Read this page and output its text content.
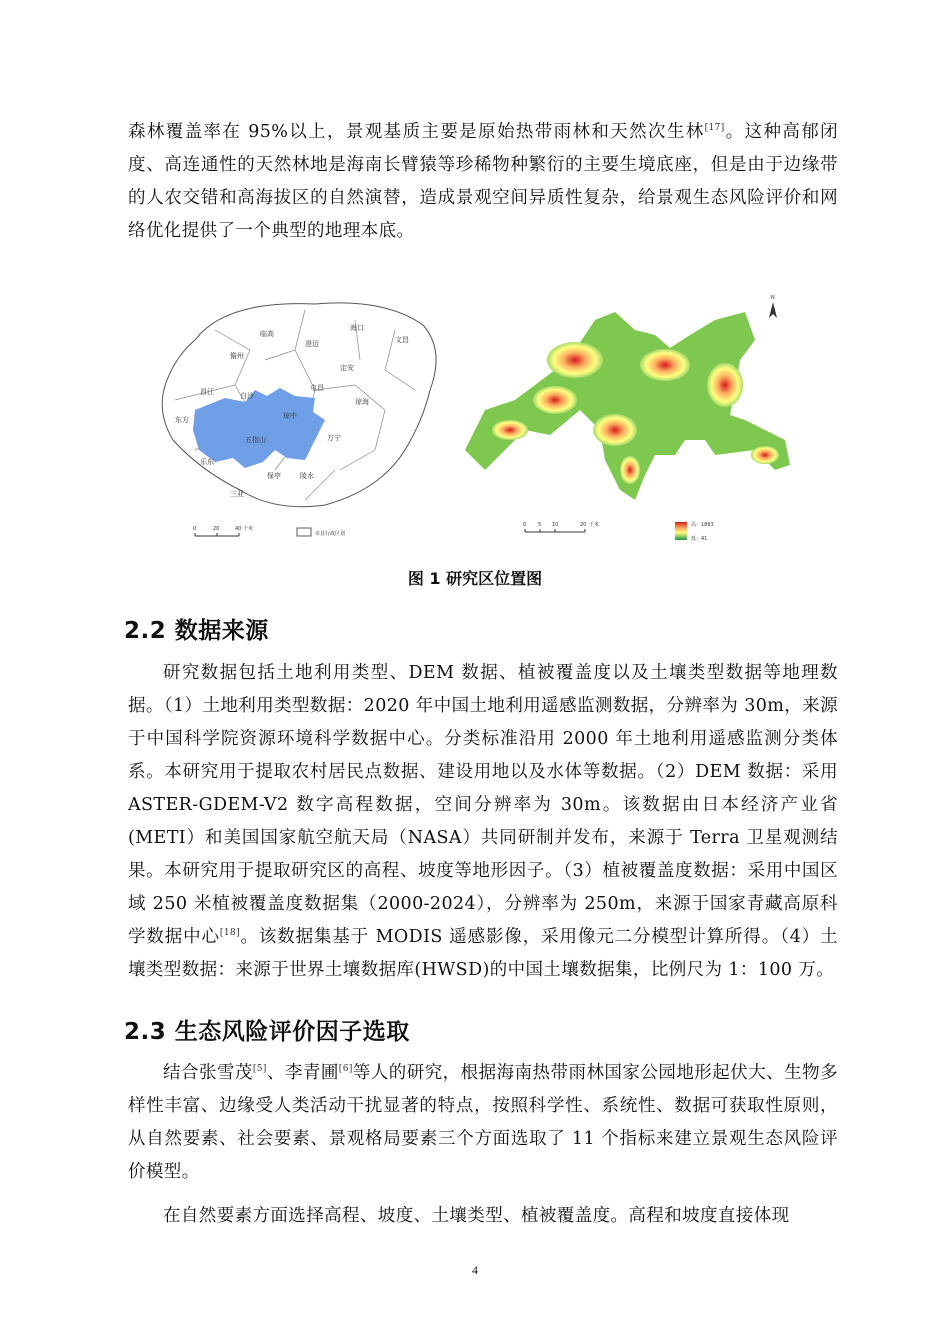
森林覆盖率在 95%以上，景观基质主要是原始热带雨林和天然次生林[17]。这种高郁闭度、高连通性的天然林地是海南长臂猿等珍稀物种繁衍的主要生境底座，但是由于边缘带的人农交错和高海拔区的自然演替，造成景观空间异质性复杂，给景观生态风险评价和网络优化提供了一个典型的地理本底。

临高
澄迈
海口
文昌
儋州
定安
屯昌
琼海
昌江	白沙
琼中
东方
五指山	万宁
乐东
保亭	陵水
三亚
0	20	40 千米
市县行政区划
N
0 5 10	20 千米	高：1863
低：41
图 1 研究区位置图
2.2 数据来源

研究数据包括土地利用类型、DEM 数据、植被覆盖度以及土壤类型数据等地理数据。（1）土地利用类型数据：2020 年中国土地利用遥感监测数据，分辨率为 30m，来源于中国科学院资源环境科学数据中心。分类标准沿用 2000 年土地利用遥感监测分类体系。本研究用于提取农村居民点数据、建设用地以及水体等数据。（2）DEM 数据：采用 ASTER-GDEM-V2 数字高程数据，空间分辨率为 30m。该数据由日本经济产业省(METI）和美国国家航空航天局（NASA）共同研制并发布，来源于 Terra 卫星观测结果。本研究用于提取研究区的高程、坡度等地形因子。（3）植被覆盖度数据：采用中国区域 250 米植被覆盖度数据集（2000-2024），分辨率为 250m，来源于国家青藏高原科学数据中心[18]。该数据集基于 MODIS 遥感影像，采用像元二分模型计算所得。（4）土壤类型数据：来源于世界土壤数据库(HWSD)的中国土壤数据集，比例尺为 1：100 万。

2.3 生态风险评价因子选取

结合张雪茂[5]、李青圃[6]等人的研究，根据海南热带雨林国家公园地形起伏大、生物多样性丰富、边缘受人类活动干扰显著的特点，按照科学性、系统性、数据可获取性原则，从自然要素、社会要素、景观格局要素三个方面选取了 11 个指标来建立景观生态风险评价模型。

在自然要素方面选择高程、坡度、土壤类型、植被覆盖度。高程和坡度直接体现

4
